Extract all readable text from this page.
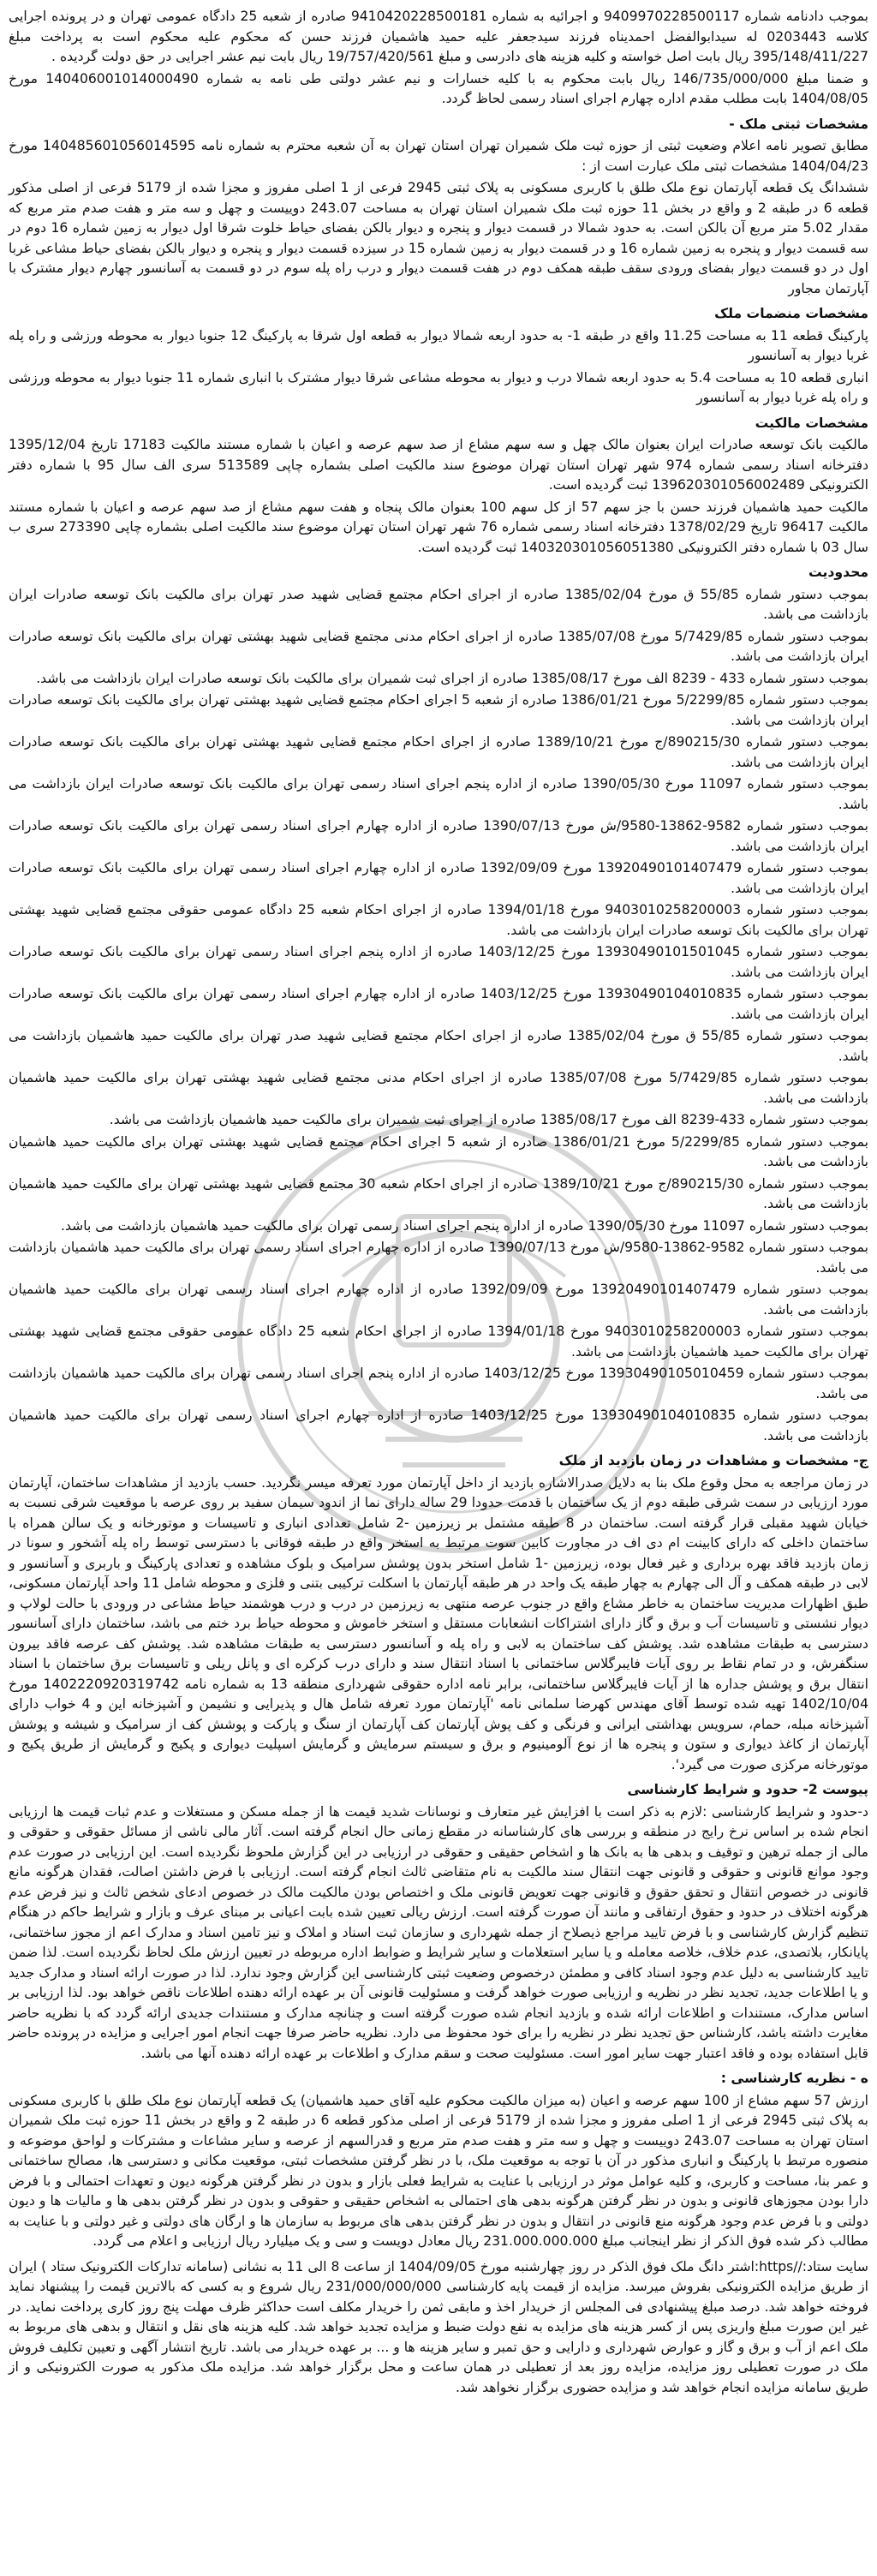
بموجب دادنامه شماره 9409970228500117 و اجرائیه به شماره 9410420228500181 صادره از شعبه 25 دادگاه عمومی تهران و در پرونده اجرایی کلاسه 0203443 له سیدابوالفضل احمدیناه فرزند سیدجعفر علیه حمید هاشمیان فرزند حسن که محکوم علیه محکوم است به پرداخت مبلغ 395/148/411/227 ریال بابت اصل خواسته و کلیه هزینه های دادرسی و مبلغ 19/757/420/561 ریال بابت نیم عشر اجرایی در حق دولت گردیده .

و ضمنا مبلغ 146/735/000/000 ریال بابت محکوم به با کلیه خسارات و نیم عشر دولتی طی نامه به شماره 140406001014000490 مورخ 1404/08/05 بابت مطلب مقدم اداره چهارم اجرای اسناد رسمی لحاظ گردد.

مشخصات ثبتی ملک -

مطابق تصویر نامه اعلام وضعیت ثبتی از حوزه ثبت ملک شمیران تهران استان تهران به آن شعبه محترم به شماره نامه 140485601056014595 مورخ 1404/04/23 مشخصات ثبتی ملک عبارت است از :

ششدانگ یک قطعه آپارتمان نوع ملک طلق با کاربری مسکونی به پلاک ثبتی 2945 فرعی از 1 اصلی مفروز و مجزا شده از 5179 فرعی از اصلی مذکور قطعه 6 در طبقه 2 و واقع در بخش 11 حوزه ثبت ملک شمیران استان تهران به مساحت 243.07 دوییست و چهل و سه متر و هفت صدم متر مربع که مقدار 5.02 متر مربع آن بالکن است. به حدود شمالا در قسمت دیوار و پنجره و دیوار بالکن بفضای حیاط خلوت شرقا اول دیوار به زمین شماره 16 دوم در سه قسمت دیوار و پنجره به زمین شماره 16 و در قسمت دیوار به زمین شماره 15 در سیزده قسمت دیوار و پنجره و دیوار بالکن بفضای حیاط مشاعی غربا اول در دو قسمت دیوار بفضای ورودی سقف طبقه همکف دوم در هفت قسمت دیوار و درب راه پله سوم در دو قسمت به آسانسور چهارم دیوار مشترک با آپارتمان مجاور

مشخصات منضمات ملک

پارکینگ قطعه 11 به مساحت 11.25 واقع در طبقه 1- به حدود اربعه شمالا دیوار به قطعه اول شرقا به پارکینگ 12 جنوبا دیوار به محوطه ورزشی و راه پله غربا دیوار به آسانسور

انباری قطعه 10 به مساحت 5.4 به حدود اربعه شمالا درب و دیوار به محوطه مشاعی شرقا دیوار مشترک با انباری شماره 11 جنوبا دیوار به محوطه ورزشی و راه پله غربا دیوار به آسانسور

مشخصات مالکیت

مالکیت بانک توسعه صادرات ایران بعنوان مالک چهل و سه سهم مشاع از صد سهم عرصه و اعیان با شماره مستند مالکیت 17183 تاریخ 1395/12/04 دفترخانه اسناد رسمی شماره 974 شهر تهران استان تهران موضوع سند مالکیت اصلی بشماره چاپی 513589 سری الف سال 95 با شماره دفتر الکترونیکی 139620301056002489 ثبت گردیده است.

مالکیت حمید هاشمیان فرزند حسن با جز سهم 57 از کل سهم 100 بعنوان مالک پنجاه و هفت سهم مشاع از صد سهم عرصه و اعیان با شماره مستند مالکیت 96417 تاریخ 1378/02/29 دفترخانه اسناد رسمی شماره 76 شهر تهران استان تهران موضوع سند مالکیت اصلی بشماره چاپی 273390 سری ب سال 03 با شماره دفتر الکترونیکی 140320301056051380 ثبت گردیده است.

محدودیت

بموجب دستور شماره 55/85 ق مورخ 1385/02/04 صادره از اجرای احکام مجتمع قضایی شهید صدر تهران برای مالکیت بانک توسعه صادرات ایران بازداشت می باشد.

بموجب دستور شماره 5/7429/85 مورخ 1385/07/08 صادره از اجرای احکام مدنی مجتمع قضایی شهید بهشتی تهران برای مالکیت بانک توسعه صادرات ایران بازداشت می باشد.

بموجب دستور شماره 433 - 8239 الف مورخ 1385/08/17 صادره از اجرای ثبت شمیران برای مالکیت بانک توسعه صادرات ایران بازداشت می باشد.

بموجب دستور شماره 5/2299/85 مورخ 1386/01/21 صادره از شعبه 5 اجرای احکام مجتمع قضایی شهید بهشتی تهران برای مالکیت بانک توسعه صادرات ایران بازداشت می باشد.

بموجب دستور شماره 890215/30/ج مورخ 1389/10/21 صادره از اجرای احکام مجتمع قضایی شهید بهشتی تهران برای مالکیت بانک توسعه صادرات ایران بازداشت می باشد.

بموجب دستور شماره 11097 مورخ 1390/05/30 صادره از اداره پنجم اجرای اسناد رسمی تهران برای مالکیت بانک توسعه صادرات ایران بازداشت می باشد.

بموجب دستور شماره 9582-13862-9580/ش مورخ 1390/07/13 صادره از اداره چهارم اجرای اسناد رسمی تهران برای مالکیت بانک توسعه صادرات ایران بازداشت می باشد.

بموجب دستور شماره 13920490101407479 مورخ 1392/09/09 صادره از اداره چهارم اجرای اسناد رسمی تهران برای مالکیت بانک توسعه صادرات ایران بازداشت می باشد.

بموجب دستور شماره 9403010258200003 مورخ 1394/01/18 صادره از اجرای احکام شعبه 25 دادگاه عمومی حقوقی مجتمع قضایی شهید بهشتی تهران برای مالکیت بانک توسعه صادرات ایران بازداشت می باشد.

بموجب دستور شماره 13930490101501045 مورخ 1403/12/25 صادره از اداره پنجم اجرای اسناد رسمی تهران برای مالکیت بانک توسعه صادرات ایران بازداشت می باشد.

بموجب دستور شماره 13930490104010835 مورخ 1403/12/25 صادره از اداره چهارم اجرای اسناد رسمی تهران برای مالکیت بانک توسعه صادرات ایران بازداشت می باشد.

بموجب دستور شماره 55/85 ق مورخ 1385/02/04 صادره از اجرای احکام مجتمع قضایی شهید صدر تهران برای مالکیت حمید هاشمیان بازداشت می باشد.

بموجب دستور شماره 5/7429/85 مورخ 1385/07/08 صادره از اجرای احکام مدنی مجتمع قضایی شهید بهشتی تهران برای مالکیت حمید هاشمیان بازداشت می باشد.

بموجب دستور شماره 433-8239 الف مورخ 1385/08/17 صادره از اجرای ثبت شمیران برای مالکیت حمید هاشمیان بازداشت می باشد.

بموجب دستور شماره 5/2299/85 مورخ 1386/01/21 صادره از شعبه 5 اجرای احکام مجتمع قضایی شهید بهشتی تهران برای مالکیت حمید هاشمیان بازداشت می باشد.

بموجب دستور شماره 890215/30/ج مورخ 1389/10/21 صادره از اجرای احکام شعبه 30 مجتمع قضایی شهید بهشتی تهران برای مالکیت حمید هاشمیان بازداشت می باشد.

بموجب دستور شماره 11097 مورخ 1390/05/30 صادره از اداره پنجم اجرای اسناد رسمی تهران برای مالکیت حمید هاشمیان بازداشت می باشد.

بموجب دستور شماره 9582-13862-9580/ش مورخ 1390/07/13 صادره از اداره چهارم اجرای اسناد رسمی تهران برای مالکیت حمید هاشمیان بازداشت می باشد.

بموجب دستور شماره 13920490101407479 مورخ 1392/09/09 صادره از اداره چهارم اجرای اسناد رسمی تهران برای مالکیت حمید هاشمیان بازداشت می باشد.

بموجب دستور شماره 9403010258200003 مورخ 1394/01/18 صادره از اجرای احکام شعبه 25 دادگاه عمومی حقوقی مجتمع قضایی شهید بهشتی تهران برای مالکیت حمید هاشمیان بازداشت می باشد.

بموجب دستور شماره 13930490105010459 مورخ 1403/12/25 صادره از اداره پنجم اجرای اسناد رسمی تهران برای مالکیت حمید هاشمیان بازداشت می باشد.

بموجب دستور شماره 13930490104010835 مورخ 1403/12/25 صادره از اداره چهارم اجرای اسناد رسمی تهران برای مالکیت حمید هاشمیان بازداشت می باشد.

ج- مشخصات و مشاهدات در زمان بازدید از ملک

در زمان مراجعه به محل وقوع ملک بنا به دلایل صدرالاشاره بازدید از داخل آپارتمان مورد تعرفه میسر نگردید. حسب بازدید از مشاهدات ساختمان، آپارتمان مورد ارزیابی در سمت شرقی طبقه دوم از یک ساختمان با قدمت حدودا 29 ساله دارای نما از اندود سیمان سفید بر روی عرصه با موقعیت شرقی نسبت به خیابان شهید مقبلی قرار گرفته است. ساختمان در 8 طبقه مشتمل بر زیرزمین -2 شامل تعدادی انباری و تاسیسات و موتورخانه و یک سالن همراه با ساختمان داخلی که دارای کابینت ام دی اف در مجاورت کابین سوت مرتبط به استخر واقع در طبقه فوقانی با دسترسی توسط راه پله آشخور و سونا در زمان بازدید فاقد بهره برداری و غیر فعال بوده، زیرزمین -1 شامل استخر بدون پوشش سرامیک و بلوک مشاهده و تعدادی پارکینگ و باربری و آسانسور و لابی در طبقه همکف و آل الی چهارم به چهار طبقه یک واحد در هر طبقه آپارتمان با اسکلت ترکیبی بتنی و فلزی و محوطه شامل 11 واحد آپارتمان مسکونی، طبق اظهارات مدیریت ساختمان به خاطر مشاع واقع در جنوب عرصه منتهی به زیرزمین در درب و درب هوشمند حیاط مشاعی در ورودی با حالت لولاپ و دیوار نشستی و تاسیسات آب و برق و گاز دارای اشتراکات انشعابات مستقل و استخر خاموش و محوطه حیاط برد ختم می باشد، ساختمان دارای آسانسور دسترسی به طبقات مشاهده شد. پوشش کف ساختمان به لابی و راه پله و آسانسور دسترسی به طبقات مشاهده شد. پوشش کف عرصه فاقد بیرون سنگفرش، و در تمام نقاط بر روی آیات فایبرگلاس ساختمانی با اسناد انتقال سند و دارای درب کرکره ای و پانل ریلی و تاسیسات برق ساختمان با اسناد انتقال برق و پوشش جداره ها از آیات فایبرگلاس ساختمانی، برابر نامه اداره حقوقی شهرداری منطقه 13 به شماره نامه 1402220920319742 مورخ 1402/10/04 تهیه شده توسط آقای مهندس کهرضا سلمانی نامه 'آپارتمان مورد تعرفه شامل هال و پذیرایی و نشیمن و آشپزخانه این و 4 خواب دارای آشپزخانه مبله، حمام، سرویس بهداشتی ایرانی و فرنگی و کف پوش آپارتمان کف آپارتمان از سنگ و پارکت و پوشش کف از سرامیک و شیشه و پوشش آپارتمان از کاغذ دیواری و ستون و پنجره ها از نوع آلومینیوم و برق و سیستم سرمایش و گرمایش اسپلیت دیواری و پکیج و گرمایش از طریق پکیج و موتورخانه مرکزی صورت می گیرد'.

پیوست 2- حدود و شرایط کارشناسی

د-حدود و شرایط کارشناسی :لازم به ذکر است با افزایش غیر متعارف و نوسانات شدید قیمت ها از جمله مسکن و مستغلات و عدم ثبات قیمت ها ارزیابی انجام شده بر اساس نرخ رایج در منطقه و بررسی های کارشناسانه در مقطع زمانی حال انجام گرفته است. آثار مالی ناشی از مسائل حقوقی و حقوقی و مالی از جمله ترهین و توقیف و بدهی ها به بانک ها و اشخاص حقیقی و حقوقی در ارزیابی در این گزارش ملحوظ نگردیده است. این ارزیابی در صورت عدم وجود موانع قانونی و حقوقی و قانونی جهت انتقال سند مالکیت به نام متقاضی ثالث انجام گرفته است. ارزیابی با فرض داشتن اصالت، فقدان هرگونه مانع قانونی در خصوص انتقال و تحقق حقوق و قانونی جهت تعویض قانونی ملک و اختصاص بودن مالکیت مالک در خصوص ادعای شخص ثالث و نیز فرض عدم هرگونه اختلاف در حدود و حقوق ارتفاقی و مانند آن صورت گرفته است. ارزش ریالی تعیین شده بابت اعیانی بر مبنای عرف و بازار و شرایط حاکم در هنگام تنظیم گزارش کارشناسی و با فرض تایید مراجع ذیصلاح از جمله شهرداری و سازمان ثبت اسناد و املاک و نیز تامین اسناد و مدارک اعم از مجوز ساختمانی، پایانکار، بلاتصدی، عدم خلاف، خلاصه معامله و یا سایر استعلامات و سایر شرایط و ضوابط اداره مربوطه در تعیین ارزش ملک لحاظ نگردیده است. لذا ضمن تایید کارشناسی به دلیل عدم وجود اسناد کافی و مطمئن درخصوص وضعیت ثبتی کارشناسی این گزارش وجود ندارد. لذا در صورت ارائه اسناد و مدارک جدید و یا اطلاعات جدید، تجدید نظر در نظریه و ارزیابی صورت خواهد گرفت و مسئولیت قانونی آن بر عهده ارائه دهنده اطلاعات ناقص خواهد بود. لذا ارزیابی بر اساس مدارک، مستندات و اطلاعات ارائه شده و بازدید انجام شده صورت گرفته است و چنانچه مدارک و مستندات جدیدی ارائه گردد که با نظریه حاضر مغایرت داشته باشد، کارشناس حق تجدید نظر در نظریه را برای خود محفوظ می دارد. نظریه حاضر صرفا جهت انجام امور اجرایی و مزایده در پرونده حاضر قابل استفاده بوده و فاقد اعتبار جهت سایر امور است. مسئولیت صحت و سقم مدارک و اطلاعات بر عهده ارائه دهنده آنها می باشد.

ه - نظریه کارشناسی :

ارزش 57 سهم مشاع از 100 سهم عرصه و اعیان (به میزان مالکیت محکوم علیه آقای حمید هاشمیان) یک قطعه آپارتمان نوع ملک طلق با کاربری مسکونی به پلاک ثبتی 2945 فرعی از 1 اصلی مفروز و مجزا شده از 5179 فرعی از اصلی مذکور قطعه 6 در طبقه 2 و واقع در بخش 11 حوزه ثبت ملک شمیران استان تهران به مساحت 243.07 دوییست و چهل و سه متر و هفت صدم متر مربع و قدرالسهم از عرصه و سایر مشاعات و مشترکات و لواحق موضوعه و منصوره مرتبط با پارکینگ و انباری مذکور در آن با توجه به موقعیت ملک، با در نظر گرفتن مشخصات ثبتی، موقعیت مکانی و دسترسی ها، مصالح ساختمانی و عمر بنا، مساحت و کاربری، و کلیه عوامل موثر در ارزیابی با عنایت به شرایط فعلی بازار و بدون در نظر گرفتن هرگونه دیون و تعهدات احتمالی و با فرض دارا بودن مجوزهای قانونی و بدون در نظر گرفتن هرگونه بدهی های احتمالی به اشخاص حقیقی و حقوقی و بدون در نظر گرفتن بدهی ها و مالیات ها و دیون دولتی و با فرض عدم وجود هرگونه منع قانونی در انتقال و بدون در نظر گرفتن بدهی های مربوط به سازمان ها و ارگان های دولتی و غیر دولتی و با عنایت به مطالب ذکر شده فوق الذکر از نظر اینجانب مبلغ 231.000.000.000 ریال معادل دویست و سی و یک میلیارد ریال ارزیابی و اعلام می گردد.

سایت ستاد://https:اشتر دانگ ملک فوق الذکر در روز چهارشنبه مورخ 1404/09/05 از ساعت 8 الی 11 به نشانی (سامانه تدارکات الکترونیک ستاد ) ایران از طریق مزایده الکترونیکی بفروش میرسد. مزایده از قیمت پایه کارشناسی 231/000/000/000 ریال شروع و به کسی که بالاترین قیمت را پیشنهاد نماید فروخته خواهد شد. درصد مبلغ پیشنهادی فی المجلس از خریدار اخذ و مابقی ثمن را خریدار مکلف است حداکثر ظرف مهلت پنج روز کاری پرداخت نماید. در غیر این صورت مبلغ واریزی پس از کسر هزینه های مزایده به نفع دولت ضبط و مزایده تجدید خواهد شد. کلیه هزینه های نقل و انتقال و بدهی های مربوط به ملک اعم از آب و برق و گاز و عوارض شهرداری و دارایی و حق تمبر و سایر هزینه ها و ... بر عهده خریدار می باشد. تاریخ انتشار آگهی و تعیین تکلیف فروش ملک در صورت تعطیلی روز مزایده، مزایده روز بعد از تعطیلی در همان ساعت و محل برگزار خواهد شد. مزایده ملک مذکور به صورت الکترونیکی و از طریق سامانه مزایده انجام خواهد شد و مزایده حضوری برگزار نخواهد شد.
